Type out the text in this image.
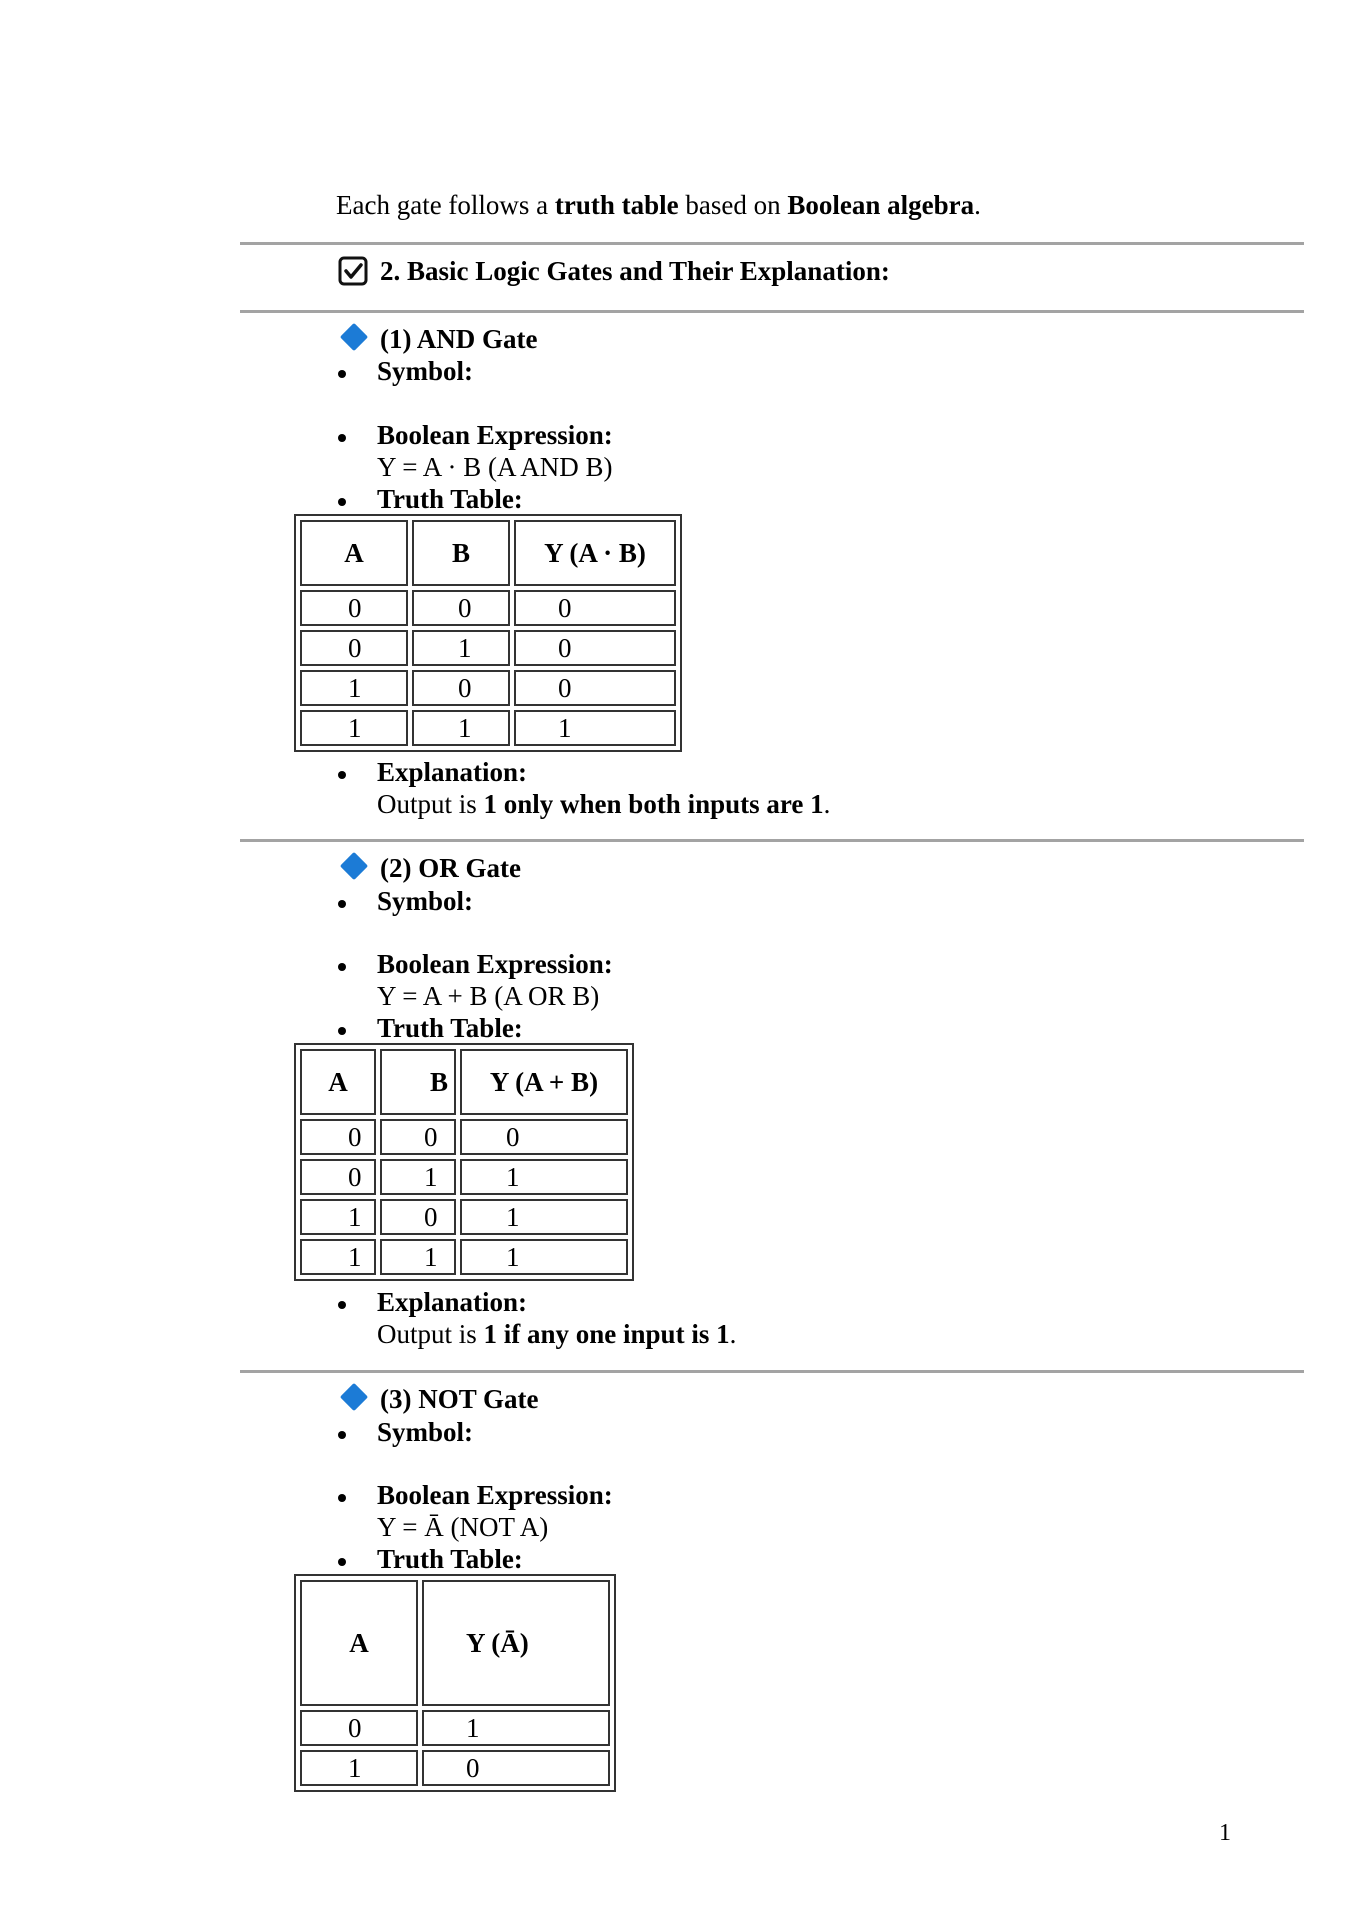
Each gate follows a truth table based on Boolean algebra.
2. Basic Logic Gates and Their Explanation:
(1) AND Gate
Symbol:
Boolean Expression:
Y = A · B (A AND B)
Truth Table:
A	B	Y (A · B)
0	0	0
0	1	0
1	0	0
1	1	1
Explanation:
Output is 1 only when both inputs are 1.
(2) OR Gate
Symbol:
Boolean Expression:
Y = A + B (A OR B)
Truth Table:
A	B	Y (A + B)
0	0	0
0	1	1
1	0	1
1	1	1
Explanation:
Output is 1 if any one input is 1.
(3) NOT Gate
Symbol:
Boolean Expression:
Y = Ā (NOT A)
Truth Table:
A	Y (Ā)
0	1
1	0
1
